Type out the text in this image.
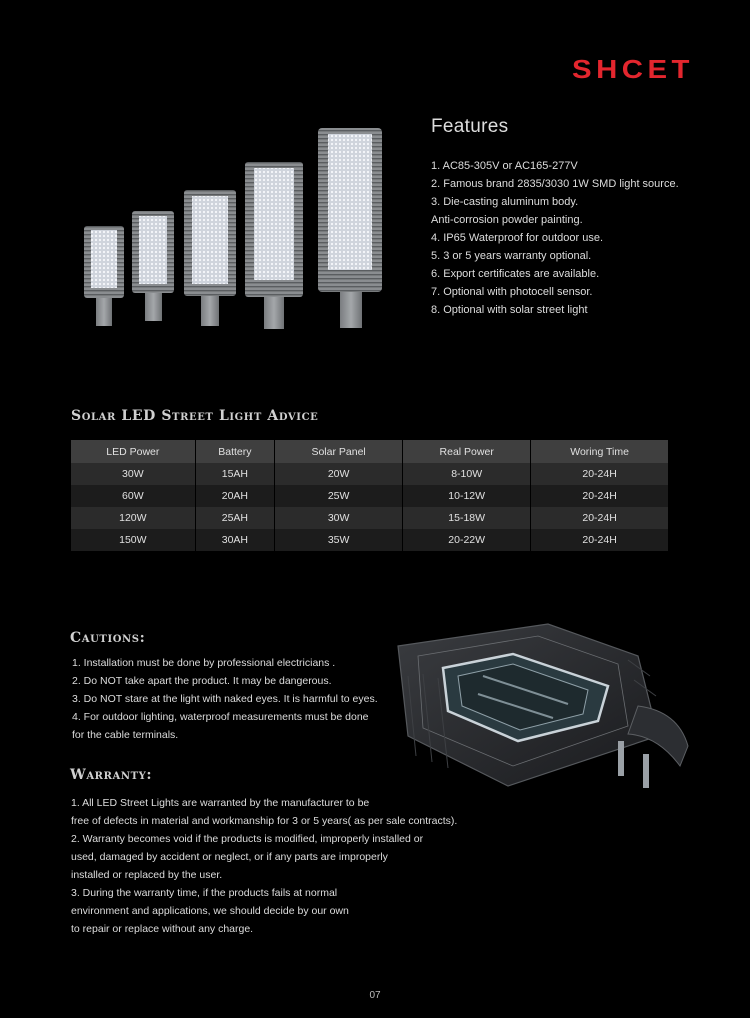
SHCET
Features
1. AC85-305V or AC165-277V
2. Famous brand 2835/3030 1W SMD light source.
3. Die-casting aluminum body.
Anti-corrosion powder painting.
4. IP65 Waterproof for outdoor use.
5. 3 or 5 years warranty optional.
6. Export certificates are available.
7. Optional with photocell sensor.
8. Optional with solar street light
Solar LED Street Light Advice
LED Power	Battery	Solar Panel	Real Power	Woring Time
30W	15AH	20W	8-10W	20-24H
60W	20AH	25W	10-12W	20-24H
120W	25AH	30W	15-18W	20-24H
150W	30AH	35W	20-22W	20-24H
Cautions:
1. Installation must be done by professional electricians .
2. Do NOT take apart the product. It may be dangerous.
3. Do NOT stare at the light with naked eyes. It is harmful to eyes.
4. For outdoor lighting, waterproof measurements must be done
for the cable terminals.
Warranty:
1. All LED Street Lights are warranted by the manufacturer to be
free of defects in material and workmanship for 3 or 5 years( as per sale contracts).
2. Warranty becomes void if the products is modified, improperly installed or
used, damaged by accident or neglect, or if any parts are improperly
installed or replaced by the user.
3. During the warranty time, if the products fails at normal
environment and applications, we should decide by our own
to repair or replace without any charge.
07
